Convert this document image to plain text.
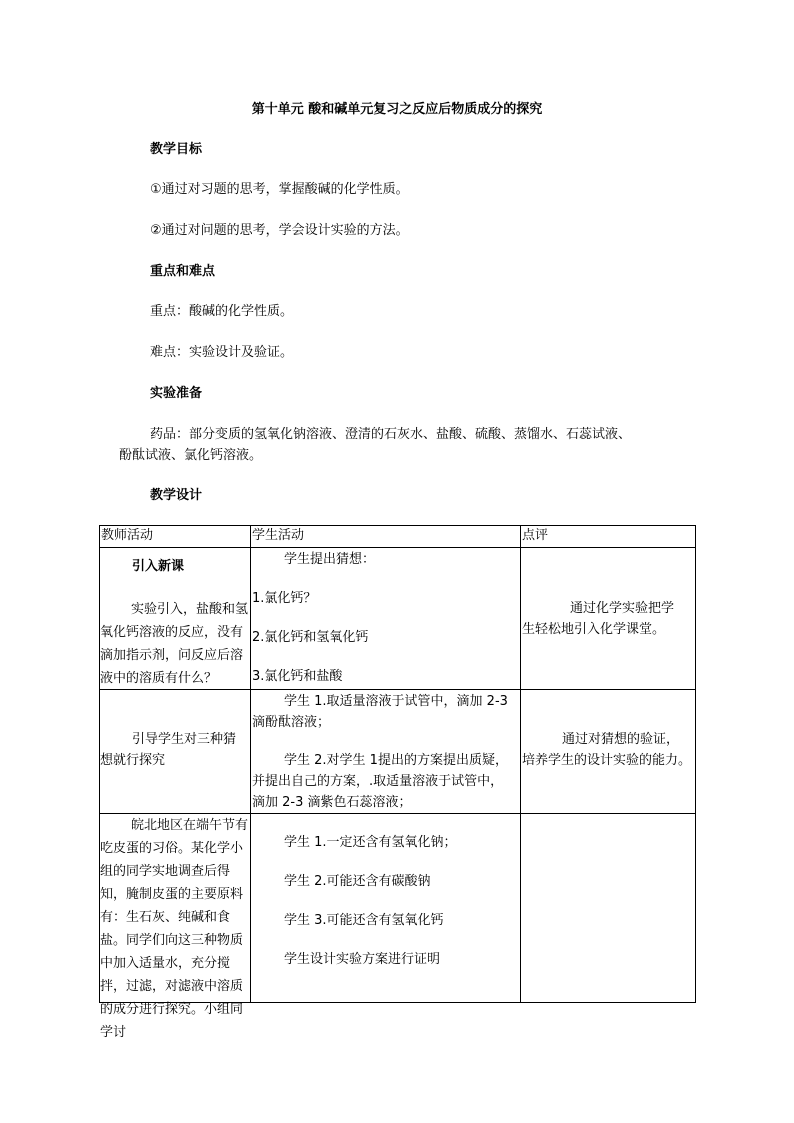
第十单元 酸和碱单元复习之反应后物质成分的探究
教学目标
①通过对习题的思考，掌握酸碱的化学性质。
②通过对问题的思考，学会设计实验的方法。
重点和难点
重点：酸碱的化学性质。
难点：实验设计及验证。
实验准备
药品：部分变质的氢氧化钠溶液、澄清的石灰水、盐酸、硫酸、蒸馏水、石蕊试液、
酚酞试液、氯化钙溶液。
教学设计
教师活动	学生活动	点评

引入新课
实验引入，盐酸和氢氧化钙溶液的反应，没有滴加指示剂，问反应后溶液中的溶质有什么？	学生提出猜想：
1.氯化钙？
2.氯化钙和氢氧化钙
3.氯化钙和盐酸	通过化学实验把学
生轻松地引入化学课堂。

引导学生对三种猜
想就行探究	学生 1.取适量溶液于试管中，滴加 2-3
滴酚酞溶液；
学生 2.对学生 1提出的方案提出质疑，
并提出自己的方案，.取适量溶液于试管中，
滴加 2-3 滴紫色石蕊溶液；	通过对猜想的验证，
培养学生的设计实验的能力。

皖北地区在端午节有吃皮蛋的习俗。某化学小组的同学实地调查后得知，腌制皮蛋的主要原料有：生石灰、纯碱和食盐。同学们向这三种物质中加入适量水，充分搅拌，过滤，对滤液中溶质的成分进行探究。小组同学讨	学生 1.一定还含有氢氧化钠；
学生 2.可能还含有碳酸钠
学生 3.可能还含有氢氧化钙
学生设计实验方案进行证明	
